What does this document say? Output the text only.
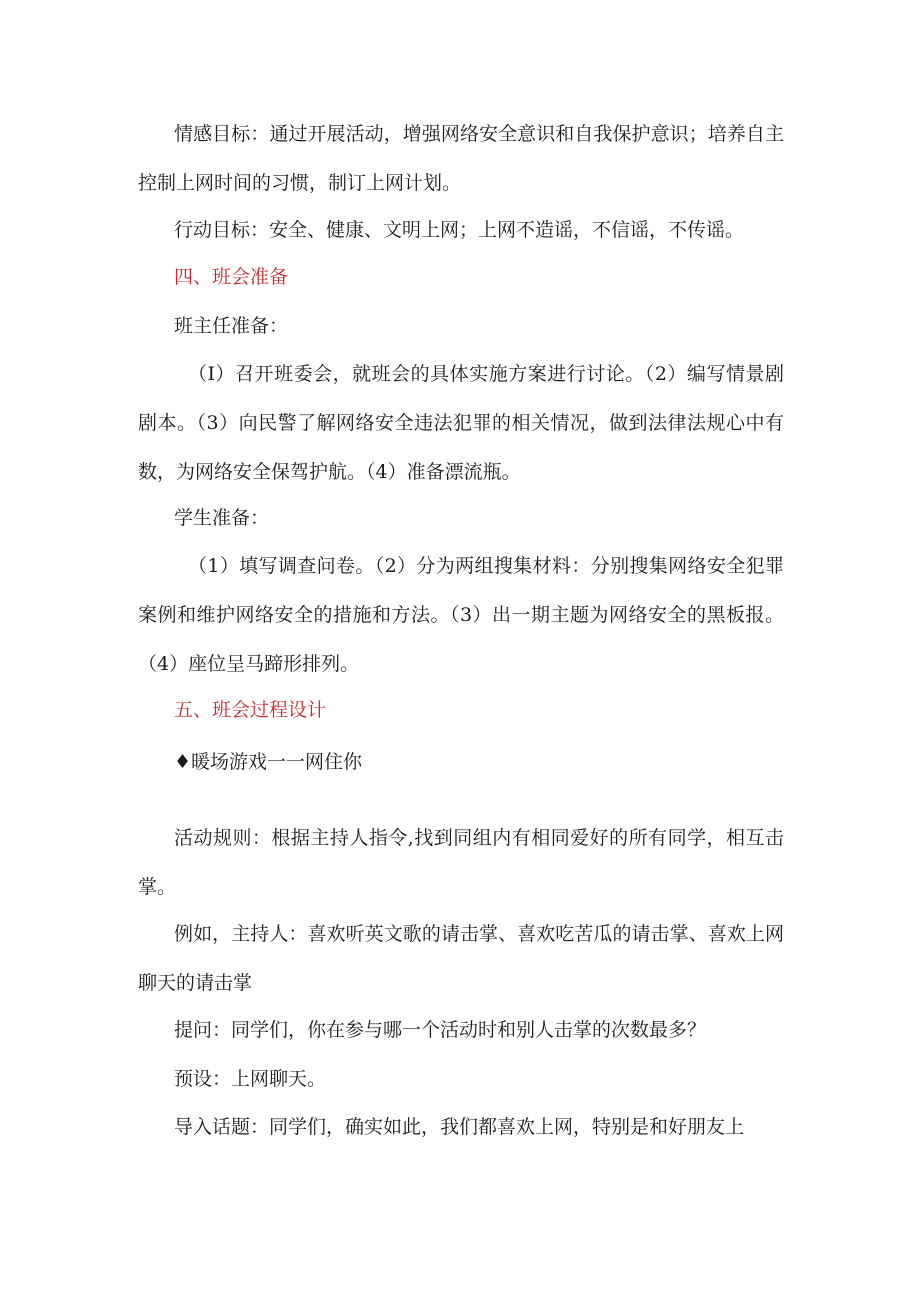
情感目标：通过开展活动，增强网络安全意识和自我保护意识；培养自主控制上网时间的习惯，制订上网计划。

行动目标：安全、健康、文明上网；上网不造谣，不信谣，不传谣。

四、班会准备

班主任准备：

（I）召开班委会，就班会的具体实施方案进行讨论。（2）编写情景剧剧本。（3）向民警了解网络安全违法犯罪的相关情况，做到法律法规心中有数，为网络安全保驾护航。（4）准备漂流瓶。

学生准备：

（1）填写调查问卷。（2）分为两组搜集材料：分别搜集网络安全犯罪案例和维护网络安全的措施和方法。（3）出一期主题为网络安全的黑板报。（4）座位呈马蹄形排列。

五、班会过程设计

♦暖场游戏一一网住你

活动规则：根据主持人指令,找到同组内有相同爱好的所有同学，相互击掌。

例如，主持人：喜欢听英文歌的请击掌、喜欢吃苦瓜的请击掌、喜欢上网聊天的请击掌

提问：同学们，你在参与哪一个活动时和别人击掌的次数最多？

预设：上网聊天。

导入话题：同学们，确实如此，我们都喜欢上网，特别是和好朋友上
